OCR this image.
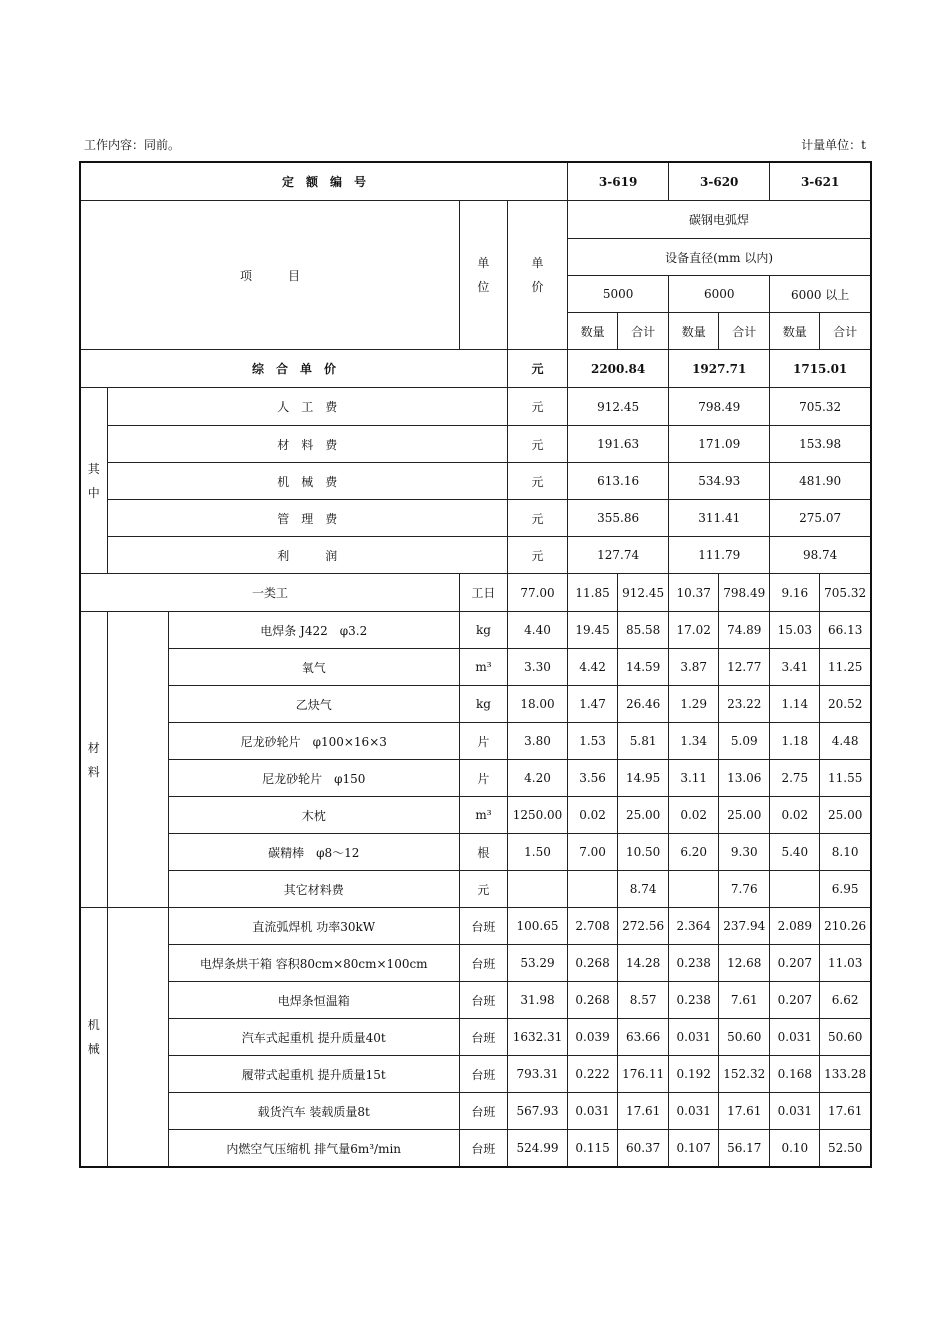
工作内容：同前。	计量单位：t
定　额　编　号					3-619		3-620		3-621	
项　　　目			单位	单价	碳钢电弧焊					
					设备直径(mm 以内)					
					5000		6000		6000 以上	
					数量	合计	数量	合计	数量	合计
综　合　单　价				元	2200.84		1927.71		1715.01	
其中	人　工　费			元	912.45		798.49		705.32	
	材　料　费			元	191.63		171.09		153.98	
	机　械　费			元	613.16		534.93		481.90	
	管　理　费			元	355.86		311.41		275.07	
	利　　　润			元	127.74		111.79		98.74	
一类工			工日	77.00	11.85	912.45	10.37	798.49	9.16	705.32
材料		电焊条 J422　φ3.2	kg	4.40	19.45	85.58	17.02	74.89	15.03	66.13
		氧气	m³	3.30	4.42	14.59	3.87	12.77	3.41	11.25
		乙炔气	kg	18.00	1.47	26.46	1.29	23.22	1.14	20.52
		尼龙砂轮片　φ100×16×3	片	3.80	1.53	5.81	1.34	5.09	1.18	4.48
		尼龙砂轮片　φ150	片	4.20	3.56	14.95	3.11	13.06	2.75	11.55
		木枕	m³	1250.00	0.02	25.00	0.02	25.00	0.02	25.00
		碳精棒　φ8～12	根	1.50	7.00	10.50	6.20	9.30	5.40	8.10
		其它材料费	元			8.74		7.76		6.95
机械		直流弧焊机 功率30kW	台班	100.65	2.708	272.56	2.364	237.94	2.089	210.26
		电焊条烘干箱 容积80cm×80cm×100cm	台班	53.29	0.268	14.28	0.238	12.68	0.207	11.03
		电焊条恒温箱	台班	31.98	0.268	8.57	0.238	7.61	0.207	6.62
		汽车式起重机 提升质量40t	台班	1632.31	0.039	63.66	0.031	50.60	0.031	50.60
		履带式起重机 提升质量15t	台班	793.31	0.222	176.11	0.192	152.32	0.168	133.28
		载货汽车 装载质量8t	台班	567.93	0.031	17.61	0.031	17.61	0.031	17.61
		内燃空气压缩机 排气量6m³/min	台班	524.99	0.115	60.37	0.107	56.17	0.10	52.50
